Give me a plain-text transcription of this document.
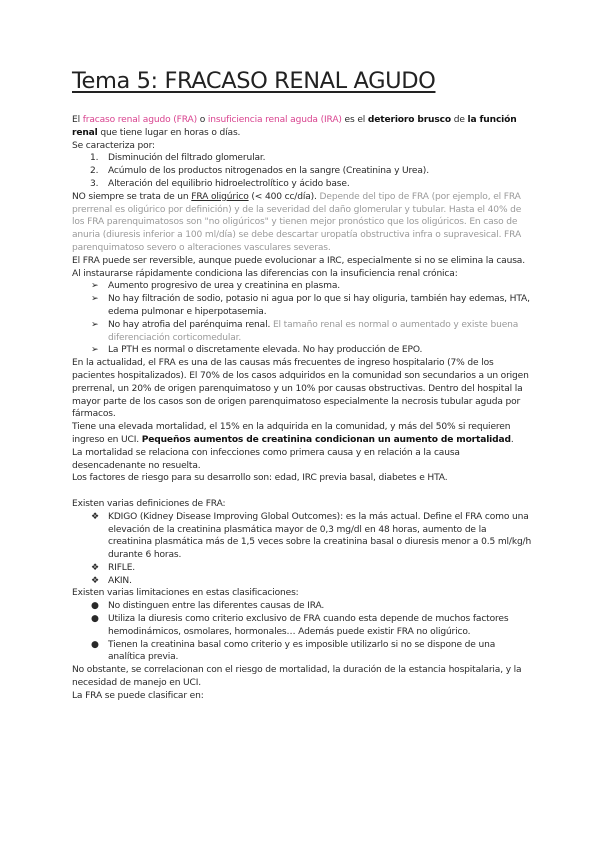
Tema 5: FRACASO RENAL AGUDO

El fracaso renal agudo (FRA) o insuficiencia renal aguda (IRA) es el deterioro brusco de la función renal que tiene lugar en horas o días.

Se caracteriza por:

1. Disminución del filtrado glomerular.
2. Acúmulo de los productos nitrogenados en la sangre (Creatinina y Urea).
3. Alteración del equilibrio hidroelectrolítico y ácido base.

NO siempre se trata de un FRA oligúrico (< 400 cc/día). Depende del tipo de FRA (por ejemplo, el FRA prerrenal es oligúrico por definición) y de la severidad del daño glomerular y tubular. Hasta el 40% de los FRA parenquimatosos son "no oligúricos" y tienen mejor pronóstico que los oligúricos. En caso de anuria (diuresis inferior a 100 ml/día) se debe descartar uropatía obstructiva infra o supravesical. FRA parenquimatoso severo o alteraciones vasculares severas.

El FRA puede ser reversible, aunque puede evolucionar a IRC, especialmente si no se elimina la causa.

Al instaurarse rápidamente condiciona las diferencias con la insuficiencia renal crónica:

➢ Aumento progresivo de urea y creatinina en plasma.
➢ No hay filtración de sodio, potasio ni agua por lo que si hay oliguria, también hay edemas, HTA, edema pulmonar e hiperpotasemia.
➢ No hay atrofia del parénquima renal. El tamaño renal es normal o aumentado y existe buena diferenciación corticomedular.
➢ La PTH es normal o discretamente elevada. No hay producción de EPO.

En la actualidad, el FRA es una de las causas más frecuentes de ingreso hospitalario (7% de los pacientes hospitalizados). El 70% de los casos adquiridos en la comunidad son secundarios a un origen prerrenal, un 20% de origen parenquimatoso y un 10% por causas obstructivas. Dentro del hospital la mayor parte de los casos son de origen parenquimatoso especialmente la necrosis tubular aguda por fármacos.

Tiene una elevada mortalidad, el 15% en la adquirida en la comunidad, y más del 50% si requieren ingreso en UCI. Pequeños aumentos de creatinina condicionan un aumento de mortalidad.

La mortalidad se relaciona con infecciones como primera causa y en relación a la causa desencadenante no resuelta.

Los factores de riesgo para su desarrollo son: edad, IRC previa basal, diabetes e HTA.

Existen varias definiciones de FRA:

❖ KDIGO (Kidney Disease Improving Global Outcomes): es la más actual. Define el FRA como una elevación de la creatinina plasmática mayor de 0,3 mg/dl en 48 horas, aumento de la creatinina plasmática más de 1,5 veces sobre la creatinina basal o diuresis menor a 0.5 ml/kg/h durante 6 horas.
❖ RIFLE.
❖ AKIN.

Existen varias limitaciones en estas clasificaciones:

● No distinguen entre las diferentes causas de IRA.
● Utiliza la diuresis como criterio exclusivo de FRA cuando esta depende de muchos factores hemodinámicos, osmolares, hormonales… Además puede existir FRA no oligúrico.
● Tienen la creatinina basal como criterio y es imposible utilizarlo si no se dispone de una analítica previa.

No obstante, se correlacionan con el riesgo de mortalidad, la duración de la estancia hospitalaria, y la necesidad de manejo en UCI.

La FRA se puede clasificar en:
